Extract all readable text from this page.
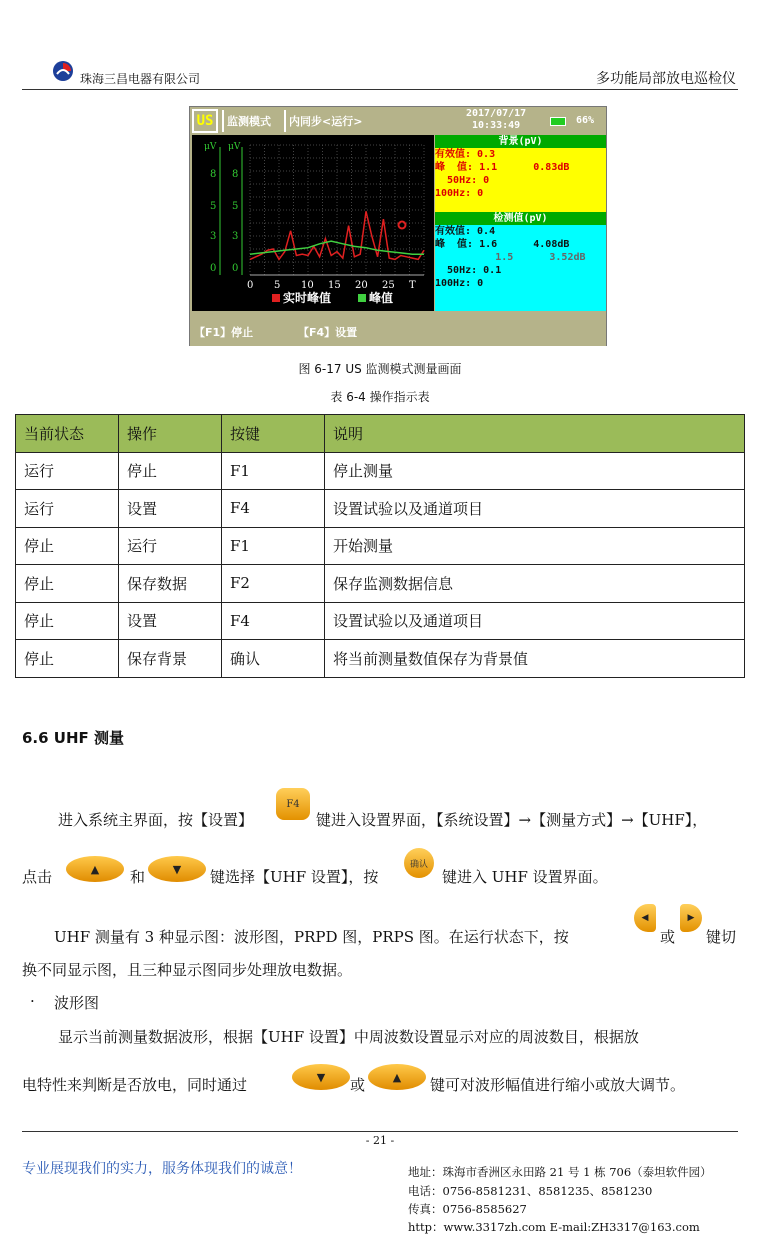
珠海三昌电器有限公司	多功能局部放电巡检仪
US	监测模式	内同步<运行>
2017/07/17
10:33:49	66%
μV μV
8
5
3
0
8
5
3
0
0 5 10 15 20 25 T
实时峰值	峰值
背景(pV)
有效值: 0.3
峰  值: 1.1      0.83dB
50Hz: 0
100Hz: 0
检测值(pV)
有效值: 0.4
峰  值: 1.6      4.08dB
1.5      3.52dB
50Hz: 0.1
100Hz: 0
【F1】停止	【F4】设置
图 6-17 US 监测模式测量画面
表 6-4 操作指示表
当前状态	操作	按键	说明
运行	停止	F1	停止测量
运行	设置	F4	设置试验以及通道项目
停止	运行	F1	开始测量
停止	保存数据	F2	保存监测数据信息
停止	设置	F4	设置试验以及通道项目
停止	保存背景	确认	将当前测量数值保存为背景值
6.6 UHF 测量
进入系统主界面，按【设置】
F4
键进入设置界面，【系统设置】→【测量方式】→【UHF】，
点击	▲	和	▼	键选择【UHF 设置】，按
确认
键进入 UHF 设置界面。
UHF 测量有 3 种显示图：波形图，PRPD 图，PRPS 图。在运行状态下，按
◀
或
▶
键切
换不同显示图，且三种显示图同步处理放电数据。
· 波形图
显示当前测量数据波形，根据【UHF 设置】中周波数设置显示对应的周波数目，根据放
电特性来判断是否放电，同时通过	▼	或	▲	键可对波形幅值进行缩小或放大调节。
- 21 -
专业展现我们的实力，服务体现我们的诚意！	地址：珠海市香洲区永田路 21 号 1 栋 706（泰坦软件园）
电话：0756-8581231、8581235、8581230
传真：0756-8585627
http：www.3317zh.com E-mail:ZH3317@163.com
